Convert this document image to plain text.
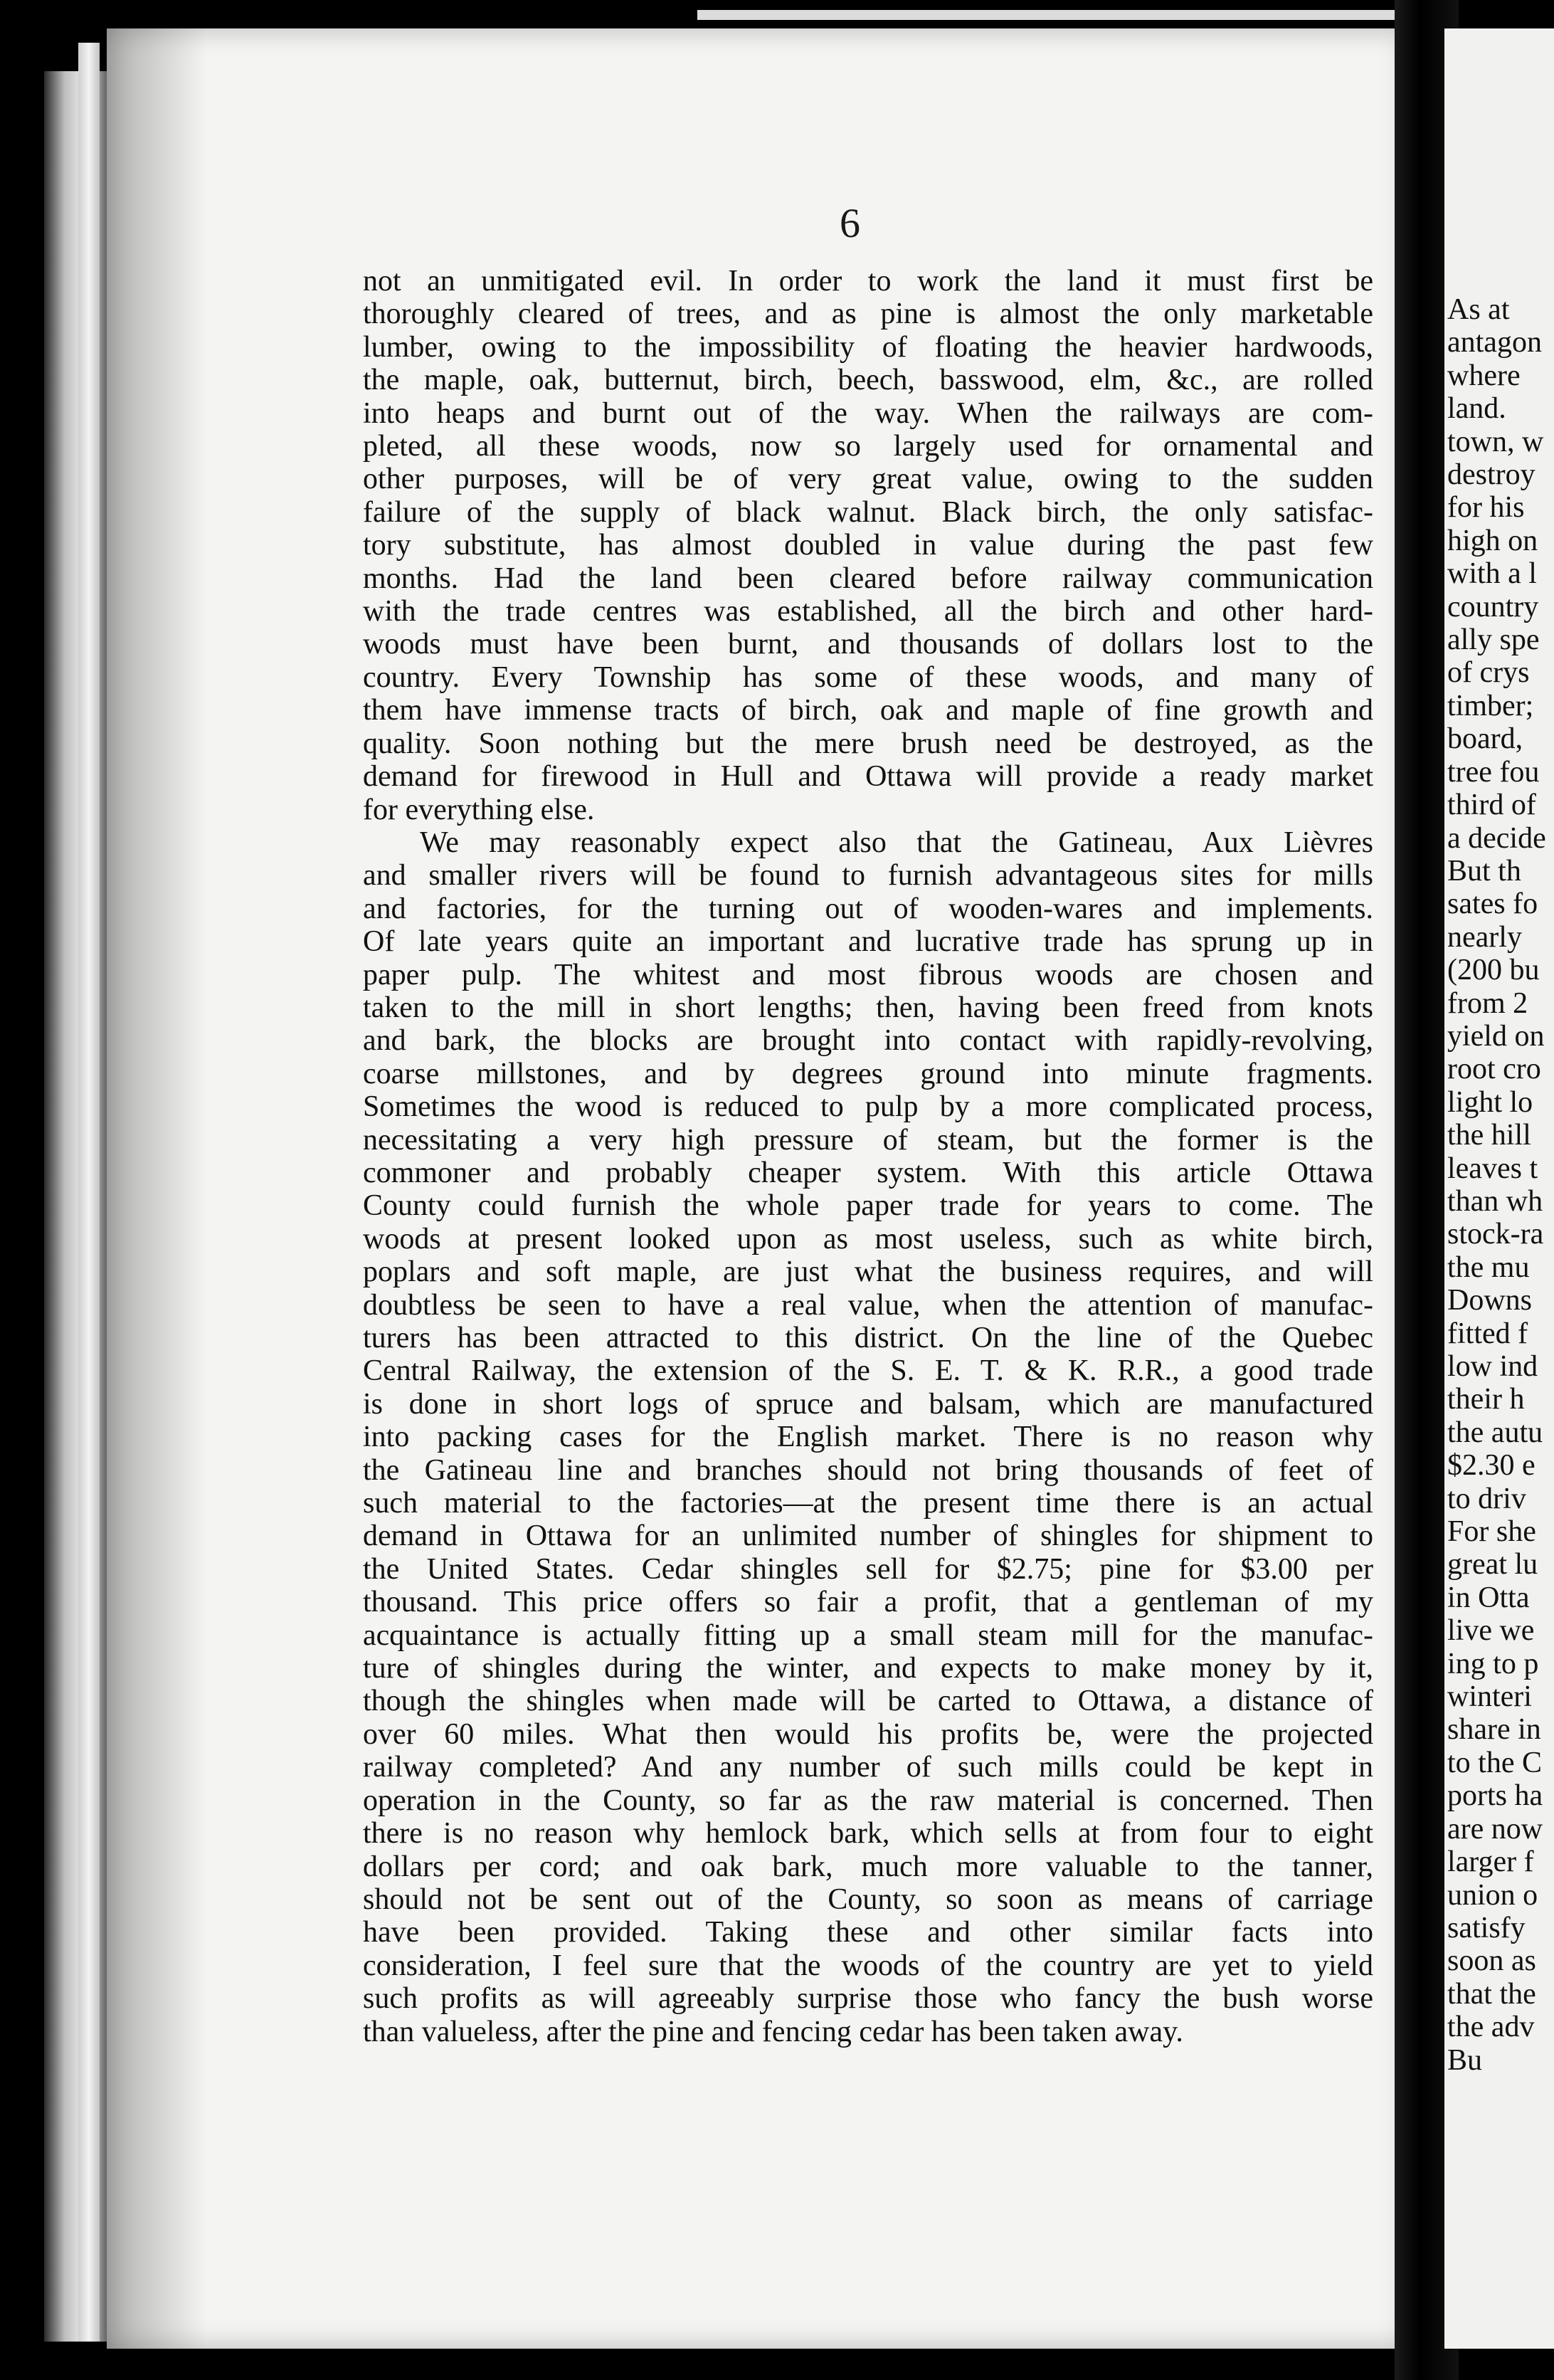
6
not an unmitigated evil. In order to work the land it must first be
thoroughly cleared of trees, and as pine is almost the only marketable
lumber, owing to the impossibility of floating the heavier hardwoods,
the maple, oak, butternut, birch, beech, basswood, elm, &c., are rolled
into heaps and burnt out of the way. When the railways are com-
pleted, all these woods, now so largely used for ornamental and
other purposes, will be of very great value, owing to the sudden
failure of the supply of black walnut. Black birch, the only satisfac-
tory substitute, has almost doubled in value during the past few
months. Had the land been cleared before railway communication
with the trade centres was established, all the birch and other hard-
woods must have been burnt, and thousands of dollars lost to the
country. Every Township has some of these woods, and many of
them have immense tracts of birch, oak and maple of fine growth and
quality. Soon nothing but the mere brush need be destroyed, as the
demand for firewood in Hull and Ottawa will provide a ready market
for everything else.
We may reasonably expect also that the Gatineau, Aux Lièvres
and smaller rivers will be found to furnish advantageous sites for mills
and factories, for the turning out of wooden-wares and implements.
Of late years quite an important and lucrative trade has sprung up in
paper pulp. The whitest and most fibrous woods are chosen and
taken to the mill in short lengths; then, having been freed from knots
and bark, the blocks are brought into contact with rapidly-revolving,
coarse millstones, and by degrees ground into minute fragments.
Sometimes the wood is reduced to pulp by a more complicated process,
necessitating a very high pressure of steam, but the former is the
commoner and probably cheaper system. With this article Ottawa
County could furnish the whole paper trade for years to come. The
woods at present looked upon as most useless, such as white birch,
poplars and soft maple, are just what the business requires, and will
doubtless be seen to have a real value, when the attention of manufac-
turers has been attracted to this district. On the line of the Quebec
Central Railway, the extension of the S. E. T. & K. R.R., a good trade
is done in short logs of spruce and balsam, which are manufactured
into packing cases for the English market. There is no reason why
the Gatineau line and branches should not bring thousands of feet of
such material to the factories—at the present time there is an actual
demand in Ottawa for an unlimited number of shingles for shipment to
the United States. Cedar shingles sell for $2.75; pine for $3.00 per
thousand. This price offers so fair a profit, that a gentleman of my
acquaintance is actually fitting up a small steam mill for the manufac-
ture of shingles during the winter, and expects to make money by it,
though the shingles when made will be carted to Ottawa, a distance of
over 60 miles. What then would his profits be, were the projected
railway completed? And any number of such mills could be kept in
operation in the County, so far as the raw material is concerned. Then
there is no reason why hemlock bark, which sells at from four to eight
dollars per cord; and oak bark, much more valuable to the tanner,
should not be sent out of the County, so soon as means of carriage
have been provided. Taking these and other similar facts into
consideration, I feel sure that the woods of the country are yet to yield
such profits as will agreeably surprise those who fancy the bush worse
than valueless, after the pine and fencing cedar has been taken away.
As at
antagon
where
land.
town, w
destroy
for his
high on
with a l
country
ally spe
of crys
timber;
board,
tree fou
third of
a decide
But th
sates fo
nearly
(200 bu
from 2
yield on
root cro
light lo
the hill
leaves t
than wh
stock-ra
the mu
Downs
fitted f
low ind
their h
the autu
$2.30 e
to driv
For she
great lu
in Otta
live we
ing to p
winteri
share in
to the C
ports ha
are now
larger f
union o
satisfy
soon as
that the
the adv
Bu
